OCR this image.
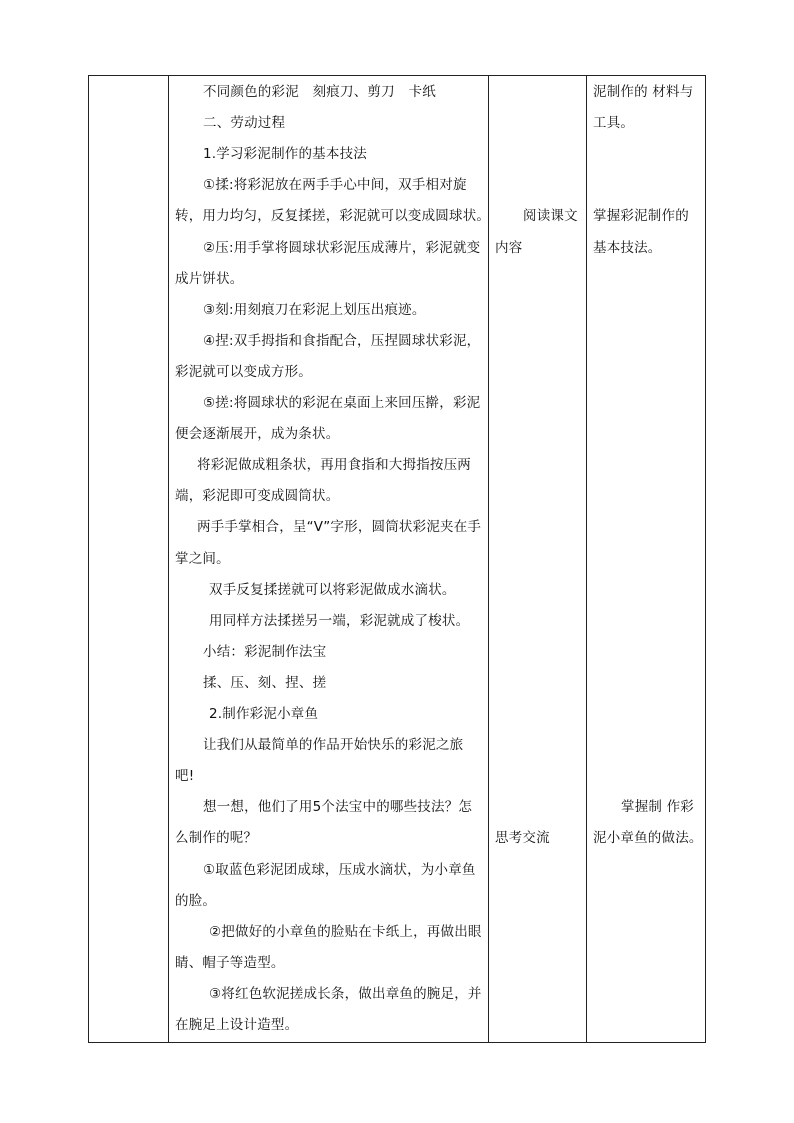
不同颜色的彩泥　刻痕刀、剪刀　卡纸
二、劳动过程
1.学习彩泥制作的基本技法
①揉:将彩泥放在两手手心中间，双手相对旋
转，用力均匀，反复揉搓，彩泥就可以变成圆球状。
②压:用手掌将圆球状彩泥压成薄片，彩泥就变
成片饼状。
③刻:用刻痕刀在彩泥上划压出痕迹。
④捏:双手拇指和食指配合，压捏圆球状彩泥，
彩泥就可以变成方形。
⑤搓:将圆球状的彩泥在桌面上来回压擀，彩泥
便会逐渐展开，成为条状。
将彩泥做成粗条状，再用食指和大拇指按压两
端，彩泥即可变成圆筒状。
两手手掌相合，呈“V”字形，圆筒状彩泥夹在手
掌之间。
双手反复揉搓就可以将彩泥做成水滴状。
用同样方法揉搓另一端，彩泥就成了梭状。
小结：彩泥制作法宝
揉、压、刻、捏、搓
2.制作彩泥小章鱼
让我们从最简单的作品开始快乐的彩泥之旅
吧!
想一想，他们了用5个法宝中的哪些技法？怎
么制作的呢？
①取蓝色彩泥团成球，压成水滴状，为小章鱼
的脸。
②把做好的小章鱼的脸贴在卡纸上，再做出眼
睛、帽子等造型。
③将红色软泥搓成长条，做出章鱼的腕足，并
在腕足上设计造型。
阅读课文
内容
思考交流
泥制作的 材料与
工具。
掌握彩泥制作的
基本技法。
掌握制 作彩
泥小章鱼的做法。
